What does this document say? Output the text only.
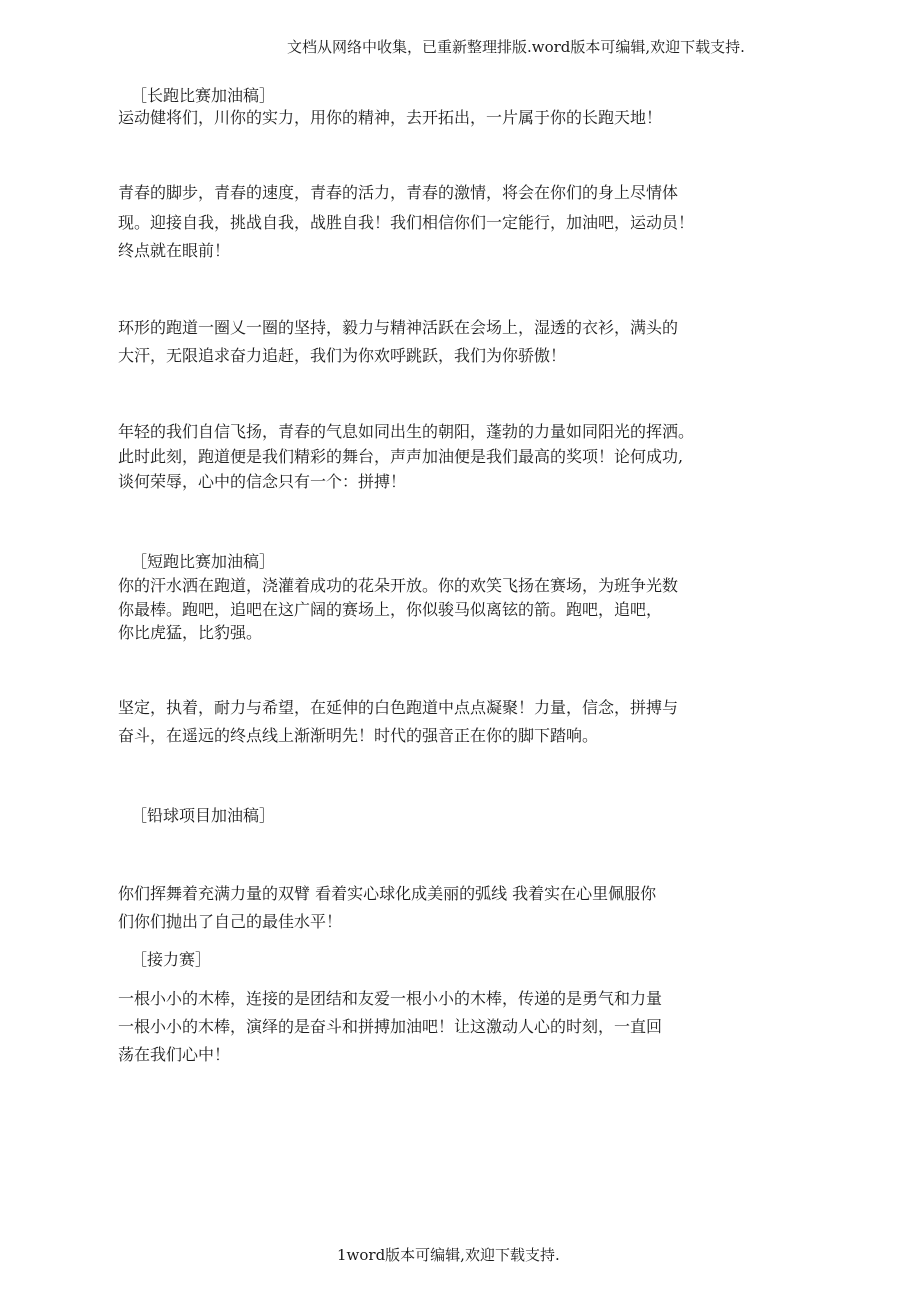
文档从网络中收集，已重新整理排版.word版本可编辑,欢迎下载支持.
［长跑比赛加油稿］
运动健将们，川你的实力，用你的精神，去开拓出，一片属于你的长跑天地！
青春的脚步，青春的速度，青春的活力，青春的激情，将会在你们的身上尽情体
现。迎接自我，挑战自我，战胜自我！我们相信你们一定能行，加油吧，运动员！
终点就在眼前！
环形的跑道一圈乂一圈的坚持，毅力与精神活跃在会场上，湿透的衣衫，满头的
大汗，无限追求奋力追赶，我们为你欢呼跳跃，我们为你骄傲！
年轻的我们自信飞扬，青春的气息如同出生的朝阳，蓬勃的力量如同阳光的挥洒。
此时此刻，跑道便是我们精彩的舞台，声声加油便是我们最高的奖项！论何成功,
谈何荣辱，心中的信念只有一个：拼搏！
［短跑比赛加油稿］
你的汗水洒在跑道，浇灌着成功的花朵开放。你的欢笑飞扬在赛场，为班争光数
你最棒。跑吧，追吧在这广阔的赛场上，你似骏马似离铉的箭。跑吧，追吧，
你比虎猛，比豹强。
坚定，执着，耐力与希望，在延伸的白色跑道中点点凝聚！力量，信念，拼搏与
奋斗，在遥远的终点线上渐渐明先！时代的强音正在你的脚下踏响。
［铅球项目加油稿］
你们挥舞着充满力量的双臂 看着实心球化成美丽的弧线 我着实在心里佩服你
们你们抛出了自己的最佳水平！
［接力赛］
一根小小的木棒，连接的是团结和友爱一根小小的木棒，传递的是勇气和力量
一根小小的木棒，演绎的是奋斗和拼搏加油吧！让这激动人心的时刻，一直回
荡在我们心中！
1word版本可编辑,欢迎下载支持.
